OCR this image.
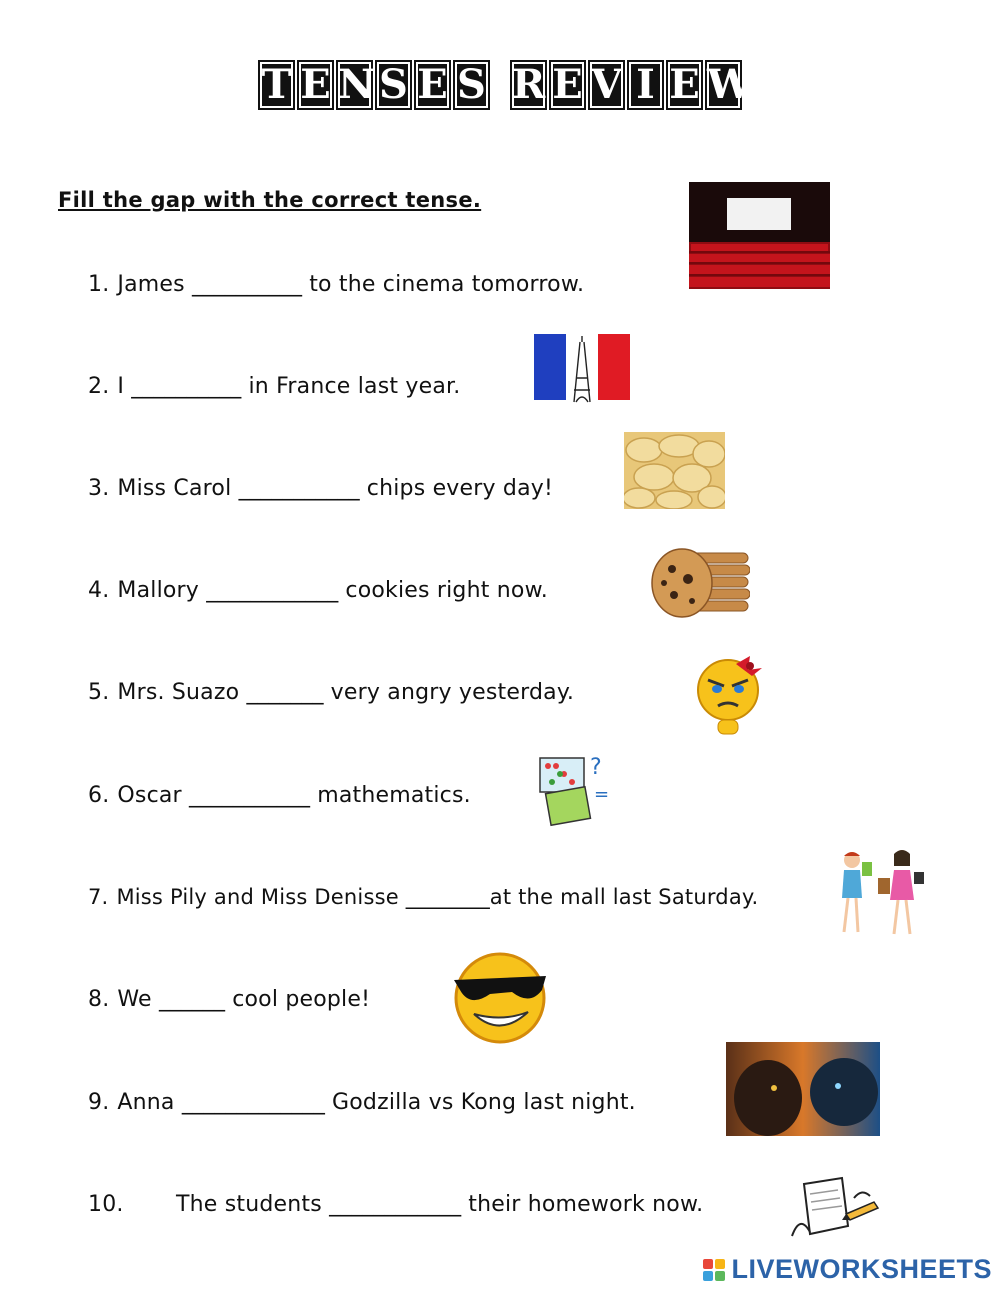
T E N S E S R E V I E W
Fill the gap with the correct tense.
1. James __________ to the cinema tomorrow.
2. I __________ in France last year.
3. Miss Carol ___________ chips every day!
4. Mallory ____________ cookies right now.
5. Mrs. Suazo _______ very angry yesterday.
6. Oscar ___________ mathematics.
7. Miss Pily and Miss Denisse ________at the mall last Saturday.
8. We ______ cool people!
9. Anna _____________ Godzilla vs Kong last night.
10. The students ____________ their homework now.
?
=
LIVEWORKSHEETS
